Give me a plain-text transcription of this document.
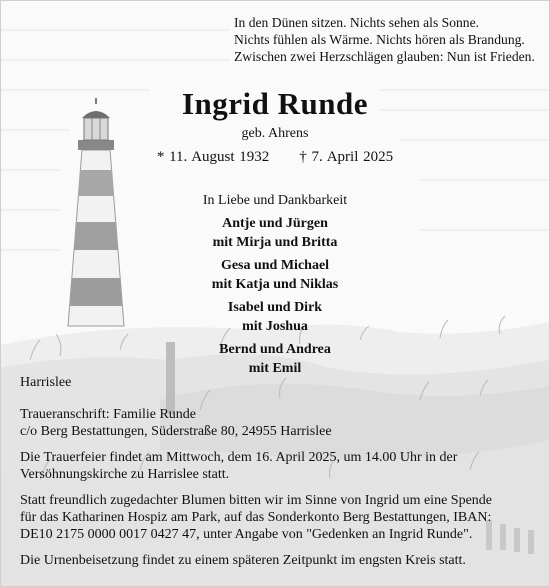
In den Dünen sitzen. Nichts sehen als Sonne.
Nichts fühlen als Wärme. Nichts hören als Brandung.
Zwischen zwei Herzschlägen glauben: Nun ist Frieden.
Ingrid Runde
geb. Ahrens
* 11. August 1932 † 7. April 2025
In Liebe und Dankbarkeit
Antje und Jürgen
mit Mirja und Britta
Gesa und Michael
mit Katja und Niklas
Isabel und Dirk
mit Joshua
Bernd und Andrea
mit Emil
Harrislee
Traueranschrift: Familie Runde
c/o Berg Bestattungen, Süderstraße 80, 24955 Harrislee
Die Trauerfeier findet am Mittwoch, dem 16. April 2025, um 14.00 Uhr in der
Versöhnungskirche zu Harrislee statt.
Statt freundlich zugedachter Blumen bitten wir im Sinne von Ingrid um eine Spende
für das Katharinen Hospiz am Park, auf das Sonderkonto Berg Bestattungen, IBAN:
DE10 2175 0000 0017 0427 47, unter Angabe von "Gedenken an Ingrid Runde".
Die Urnenbeisetzung findet zu einem späteren Zeitpunkt im engsten Kreis statt.
